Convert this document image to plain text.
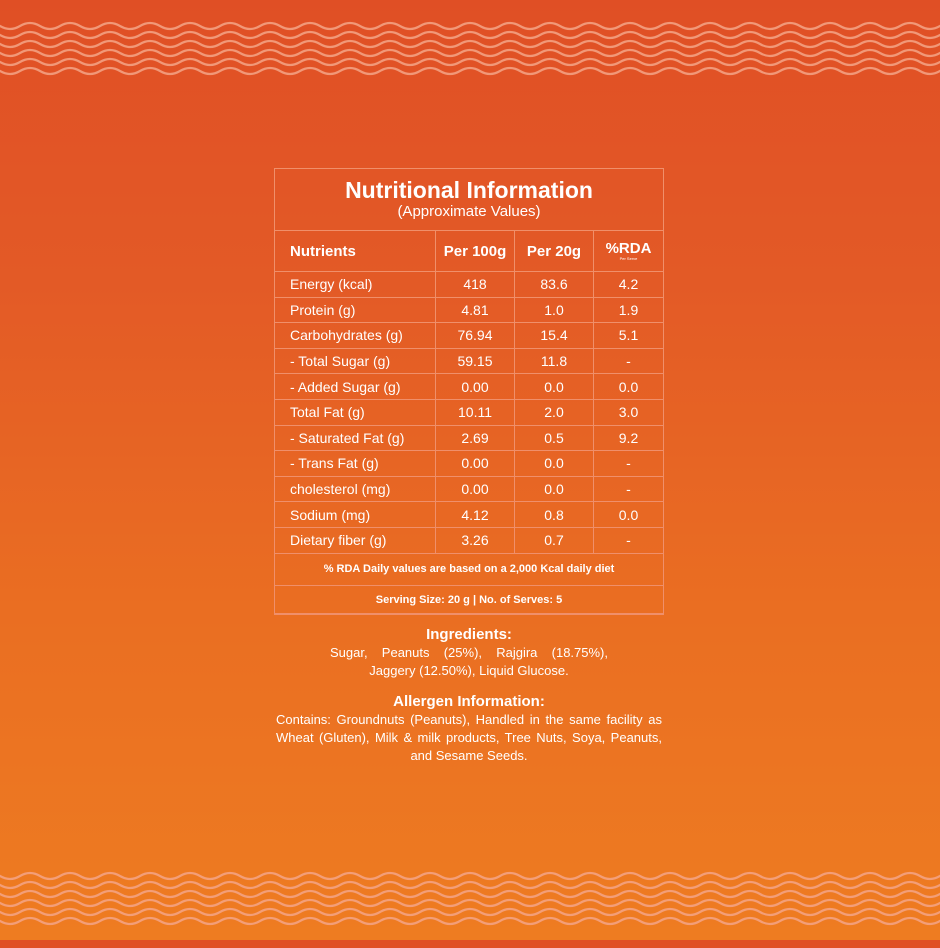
Nutritional Information
(Approximate Values)
Nutrients	Per 100g	Per 20g	%RDA
Per Serve

Energy (kcal)	418	83.6	4.2
Protein (g)	4.81	1.0	1.9
Carbohydrates (g)	76.94	15.4	5.1
- Total Sugar (g)	59.15	11.8	-
- Added Sugar (g)	0.00	0.0	0.0
Total Fat (g)	10.11	2.0	3.0
- Saturated Fat (g)	2.69	0.5	9.2
- Trans Fat (g)	0.00	0.0	-
cholesterol (mg)	0.00	0.0	-
Sodium (mg)	4.12	0.8	0.0
Dietary fiber (g)	3.26	0.7	-
% RDA Daily values are based on a 2,000 Kcal daily diet			
Serving Size: 20 g | No. of Serves: 5			
Ingredients:
Sugar, Peanuts (25%), Rajgira (18.75%), Jaggery (12.50%), Liquid Glucose.
Allergen Information:
Contains: Groundnuts (Peanuts), Handled in the same facility as Wheat (Gluten), Milk & milk products, Tree Nuts, Soya, Peanuts, and Sesame Seeds.
